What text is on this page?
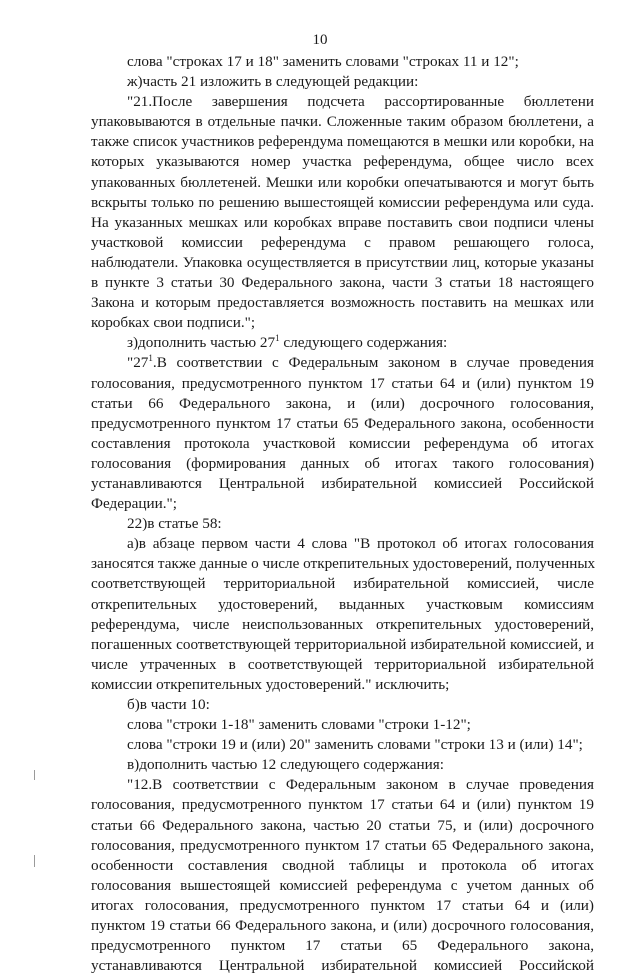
10
слова "строках 17 и 18" заменить словами "строках 11 и 12";
ж)часть 21 изложить в следующей редакции:
"21.После завершения подсчета рассортированные бюллетени
упаковываются в отдельные пачки. Сложенные таким образом бюллетени, а
также список участников референдума помещаются в мешки или коробки, на
которых указываются номер участка референдума, общее число всех
упакованных бюллетеней. Мешки или коробки опечатываются и могут быть
вскрыты только по решению вышестоящей комиссии референдума или суда.
На указанных мешках или коробках вправе поставить свои подписи члены
участковой комиссии референдума с правом решающего голоса,
наблюдатели. Упаковка осуществляется в присутствии лиц, которые указаны
в пункте 3 статьи 30 Федерального закона, части 3 статьи 18 настоящего
Закона и которым предоставляется возможность поставить на мешках или
коробках свои подписи.";
з)дополнить частью $27^1$ следующего содержания:
"$27^1.В$ соответствии с Федеральным законом в случае проведения
голосования, предусмотренного пунктом 17 статьи 64 и (или) пунктом 19
статьи 66 Федерального закона, и (или) досрочного голосования,
предусмотренного пунктом 17 статьи 65 Федерального закона, особенности
составления протокола участковой комиссии референдума об итогах
голосования (формирования данных об итогах такого голосования)
устанавливаются Центральной избирательной комиссией Российской
Федерации.";
22)в статье 58:
а)в абзаце первом части 4 слова "В протокол об итогах голосования
заносятся также данные о числе открепительных удостоверений, полученных
соответствующей территориальной избирательной комиссией, числе
открепительных удостоверений, выданных участковым комиссиям
референдума, числе неиспользованных открепительных удостоверений,
погашенных соответствующей территориальной избирательной комиссией, и
числе утраченных в соответствующей территориальной избирательной
комиссии открепительных удостоверений." исключить;
б)в части 10:
слова "строки 1-18" заменить словами "строки 1-12";
слова "строки 19 и (или) 20" заменить словами "строки 13 и (или) 14";
в)дополнить частью 12 следующего содержания:
"12.В соответствии с Федеральным законом в случае проведения
голосования, предусмотренного пунктом 17 статьи 64 и (или) пунктом 19
статьи 66 Федерального закона, частью 20 статьи 75, и (или) досрочного
голосования, предусмотренного пунктом 17 статьи 65 Федерального закона,
особенности составления сводной таблицы и протокола об итогах
голосования вышестоящей комиссией референдума с учетом данных об
итогах голосования, предусмотренного пунктом 17 статьи 64 и (или)
пунктом 19 статьи 66 Федерального закона, и (или) досрочного голосования,
предусмотренного пунктом 17 статьи 65 Федерального закона,
устанавливаются Центральной избирательной комиссией Российской
